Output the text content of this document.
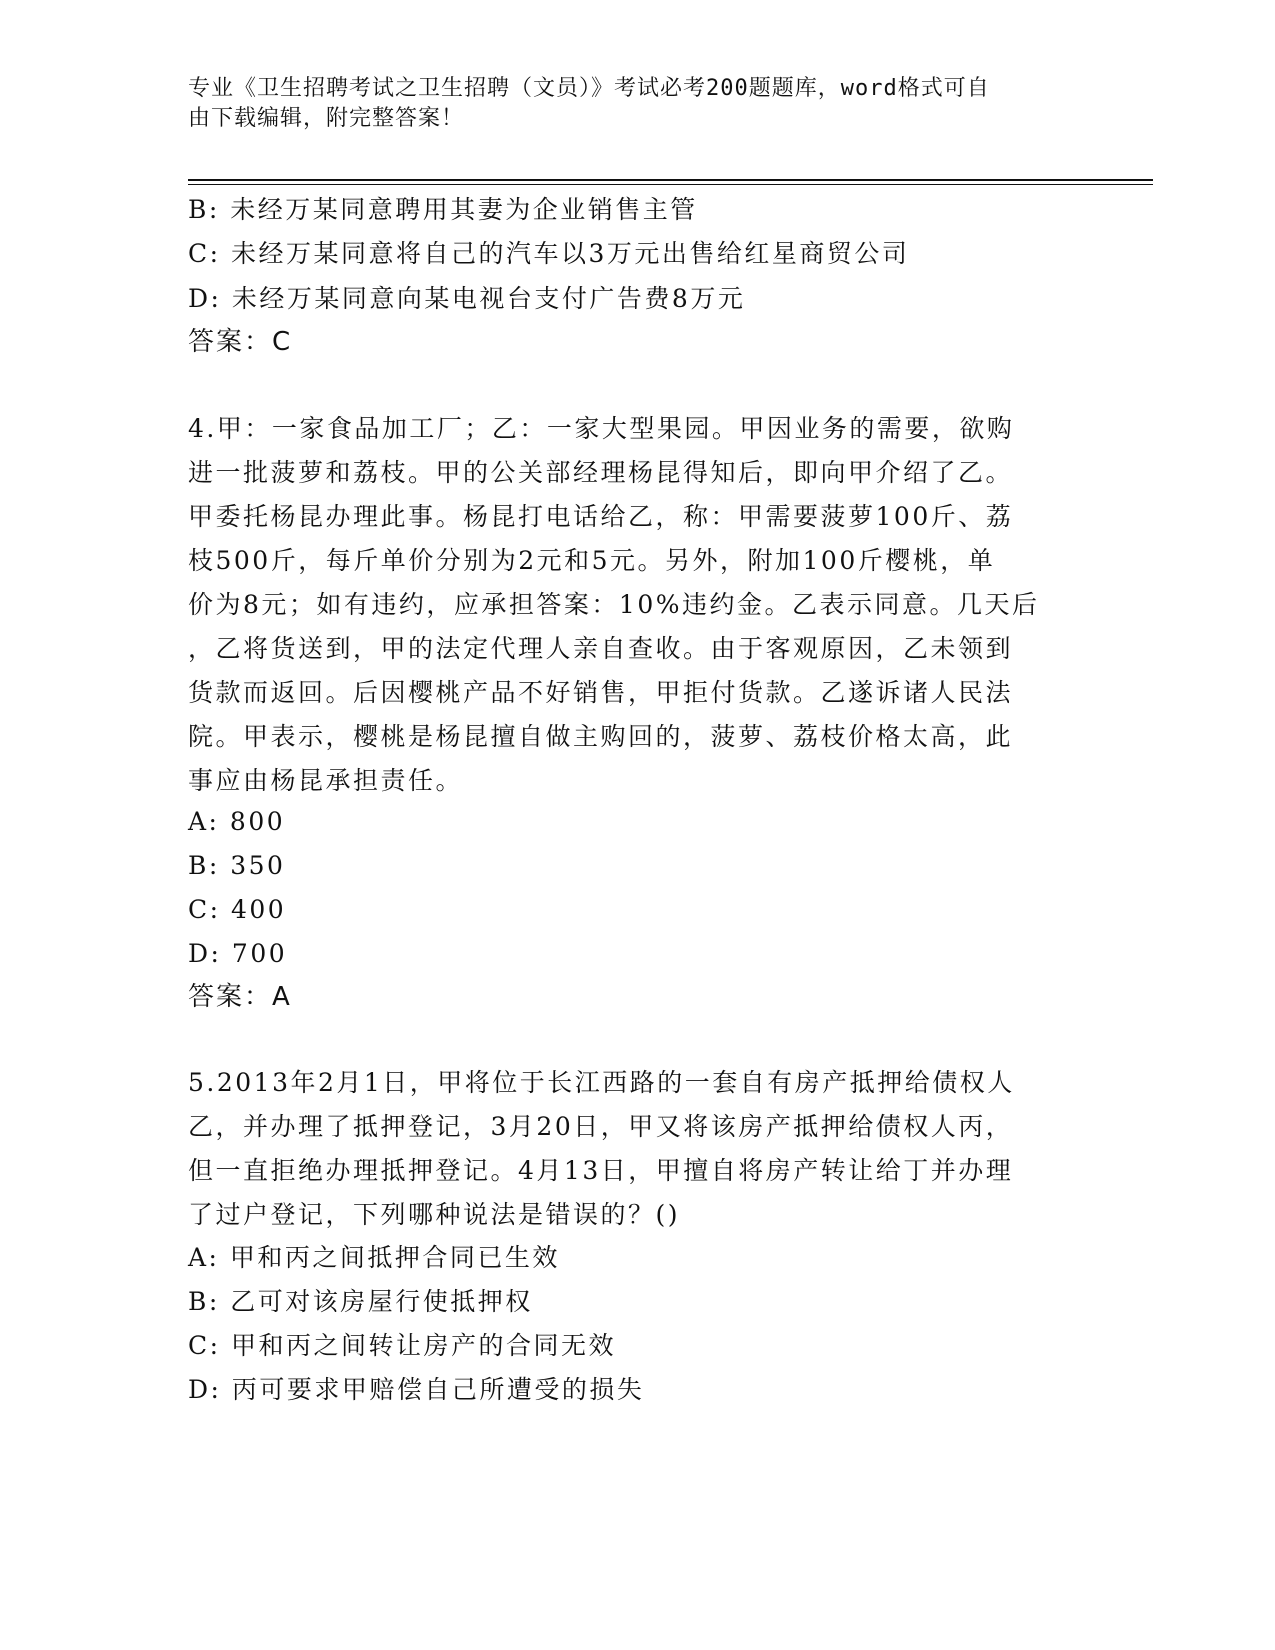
专业《卫生招聘考试之卫生招聘（文员）》考试必考200题题库，word格式可自
由下载编辑，附完整答案！
B: 未经万某同意聘用其妻为企业销售主管
C: 未经万某同意将自己的汽车以3万元出售给红星商贸公司
D: 未经万某同意向某电视台支付广告费8万元
答案：C
4.甲：一家食品加工厂；乙：一家大型果园。甲因业务的需要，欲购
进一批菠萝和荔枝。甲的公关部经理杨昆得知后，即向甲介绍了乙。
甲委托杨昆办理此事。杨昆打电话给乙，称：甲需要菠萝100斤、荔
枝500斤，每斤单价分别为2元和5元。另外，附加100斤樱桃，单
价为8元；如有违约，应承担答案：10%违约金。乙表示同意。几天后
，乙将货送到，甲的法定代理人亲自查收。由于客观原因，乙未领到
货款而返回。后因樱桃产品不好销售，甲拒付货款。乙遂诉诸人民法
院。甲表示，樱桃是杨昆擅自做主购回的，菠萝、荔枝价格太高，此
事应由杨昆承担责任。
A: 800
B: 350
C: 400
D: 700
答案：A
5.2013年2月1日，甲将位于长江西路的一套自有房产抵押给债权人
乙，并办理了抵押登记，3月20日，甲又将该房产抵押给债权人丙，
但一直拒绝办理抵押登记。4月13日，甲擅自将房产转让给丁并办理
了过户登记，下列哪种说法是错误的？()
A: 甲和丙之间抵押合同已生效
B: 乙可对该房屋行使抵押权
C: 甲和丙之间转让房产的合同无效
D: 丙可要求甲赔偿自己所遭受的损失
